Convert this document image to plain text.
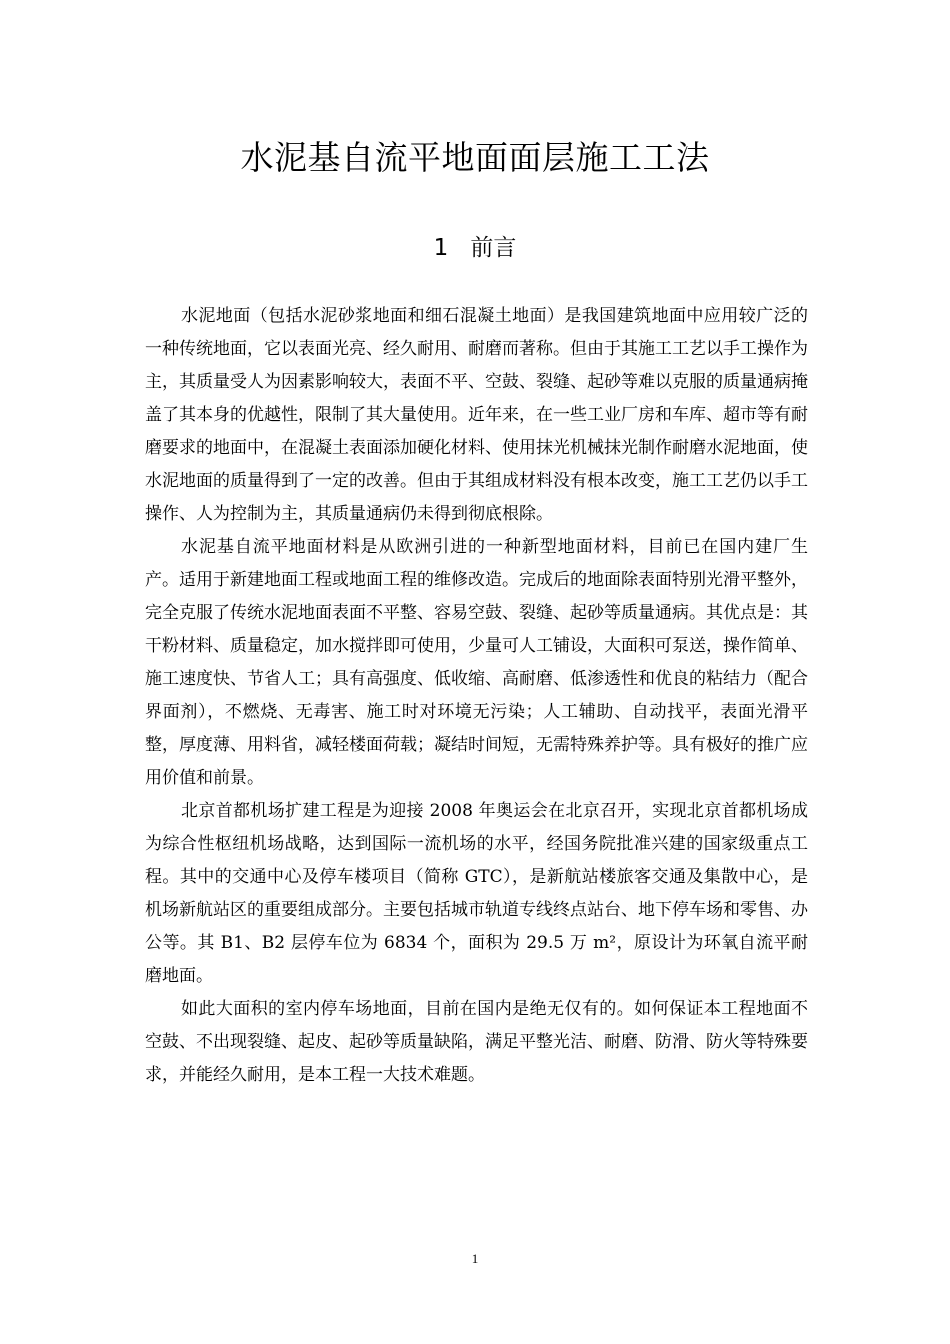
水泥基自流平地面面层施工工法
1 前言

水泥地面（包括水泥砂浆地面和细石混凝土地面）是我国建筑地面中应用较广泛的一种传统地面，它以表面光亮、经久耐用、耐磨而著称。但由于其施工工艺以手工操作为主，其质量受人为因素影响较大，表面不平、空鼓、裂缝、起砂等难以克服的质量通病掩盖了其本身的优越性，限制了其大量使用。近年来，在一些工业厂房和车库、超市等有耐磨要求的地面中，在混凝土表面添加硬化材料、使用抹光机械抹光制作耐磨水泥地面，使水泥地面的质量得到了一定的改善。但由于其组成材料没有根本改变，施工工艺仍以手工操作、人为控制为主，其质量通病仍未得到彻底根除。

水泥基自流平地面材料是从欧洲引进的一种新型地面材料，目前已在国内建厂生产。适用于新建地面工程或地面工程的维修改造。完成后的地面除表面特别光滑平整外，完全克服了传统水泥地面表面不平整、容易空鼓、裂缝、起砂等质量通病。其优点是：其干粉材料、质量稳定，加水搅拌即可使用，少量可人工铺设，大面积可泵送，操作简单、施工速度快、节省人工；具有高强度、低收缩、高耐磨、低渗透性和优良的粘结力（配合界面剂），不燃烧、无毒害、施工时对环境无污染；人工辅助、自动找平，表面光滑平整，厚度薄、用料省，减轻楼面荷载；凝结时间短，无需特殊养护等。具有极好的推广应用价值和前景。

北京首都机场扩建工程是为迎接 2008 年奥运会在北京召开，实现北京首都机场成为综合性枢纽机场战略，达到国际一流机场的水平，经国务院批准兴建的国家级重点工程。其中的交通中心及停车楼项目（简称 GTC），是新航站楼旅客交通及集散中心，是机场新航站区的重要组成部分。主要包括城市轨道专线终点站台、地下停车场和零售、办公等。其 B1、B2 层停车位为 6834 个，面积为 29.5 万 m²，原设计为环氧自流平耐磨地面。

如此大面积的室内停车场地面，目前在国内是绝无仅有的。如何保证本工程地面不空鼓、不出现裂缝、起皮、起砂等质量缺陷，满足平整光洁、耐磨、防滑、防火等特殊要求，并能经久耐用，是本工程一大技术难题。

1
